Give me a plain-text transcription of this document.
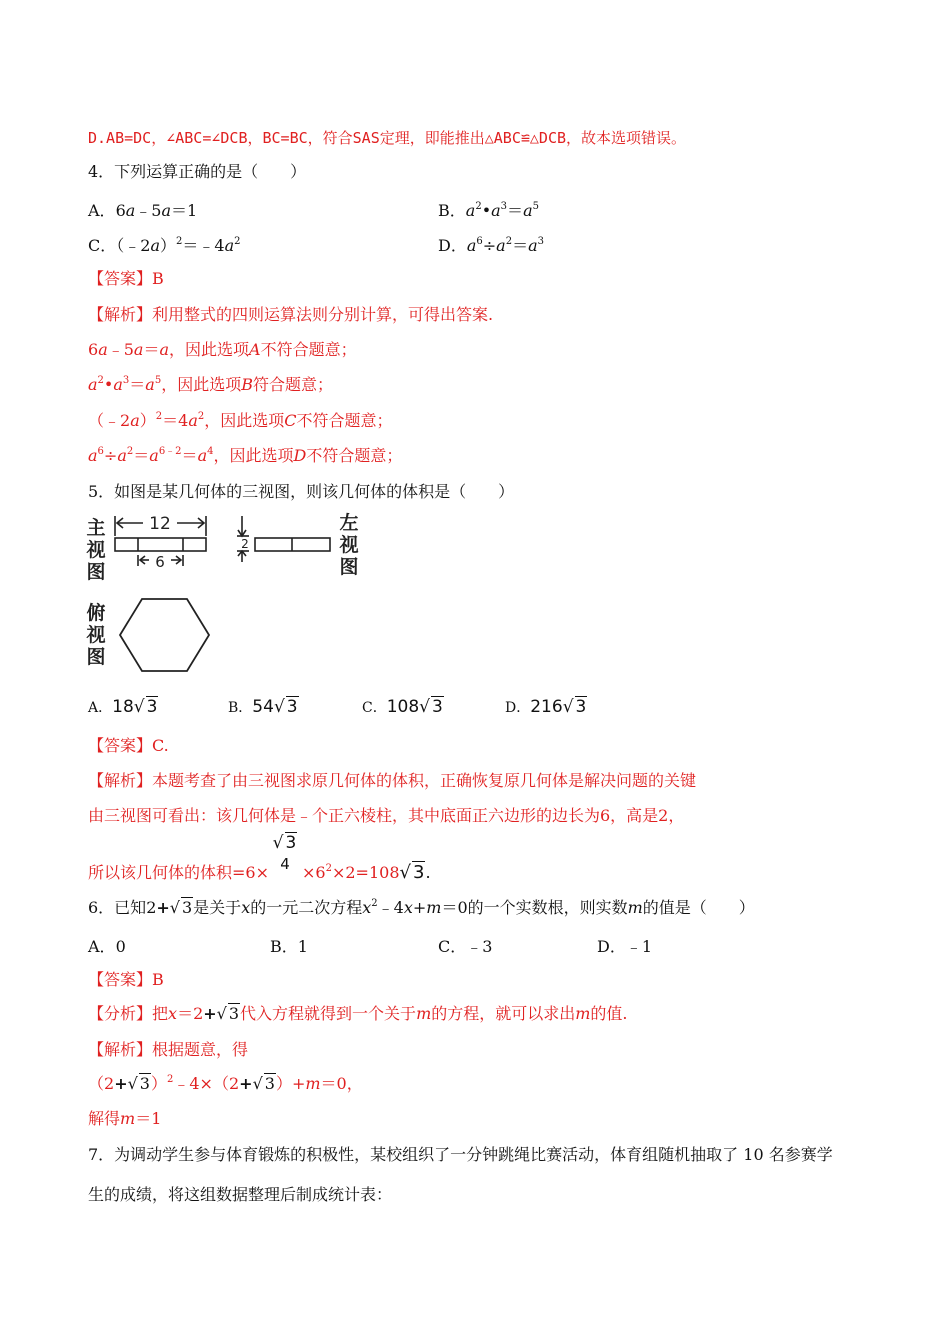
D.AB=DC，∠ABC=∠DCB，BC=BC，符合SAS定理，即能推出△ABC≌△DCB，故本选项错误。
4．下列运算正确的是（　　）
A．6a﹣5a＝1	B．$a^2•a^3=a^5$
C．$(﹣2a)^2=﹣4a^2$	D．$a^6\div a^2=a^3$
【答案】B
【解析】利用整式的四则运算法则分别计算，可得出答案.
6a﹣5a＝a，因此选项A不符合题意；
$a^2•a^3=a^5$，因此选项B符合题意；
$(﹣2a)^2=4a^2$，因此选项C不符合题意；
$a^6\div a^2=a^{6﹣2}=a^4$，因此选项D不符合题意；
5．如图是某几何体的三视图，则该几何体的体积是（　　）
主
视
图
左
视
图
俯
视
图
12
6
2
A．18√ 3	B．54√ 3	C．108√ 3	D．216√ 3
【答案】C.
【解析】本题考查了由三视图求原几何体的体积，正确恢复原几何体是解决问题的关键
由三视图可看出：该几何体是﹣个正六棱柱，其中底面正六边形的边长为6，高是2，
所以该几何体的体积=6×
√ 3
$4 \times 6^2\times 2=108√$ 3.
6．已知2+√ 3是关于x的一元二次方程$x^2﹣4x+m=0$的一个实数根，则实数m的值是（　　）
A．0	B．1	C．﹣3	D．﹣1
【答案】B
【分析】把x＝2+√ 3代入方程就得到一个关于m的方程，就可以求出m的值.
【解析】根据题意，得
（2+√ 3）$^2$﹣4×（2+√ 3）+m＝0，
解得m＝1
7．为调动学生参与体育锻炼的积极性，某校组织了一分钟跳绳比赛活动，体育组随机抽取了 10 名参赛学
生的成绩，将这组数据整理后制成统计表：
